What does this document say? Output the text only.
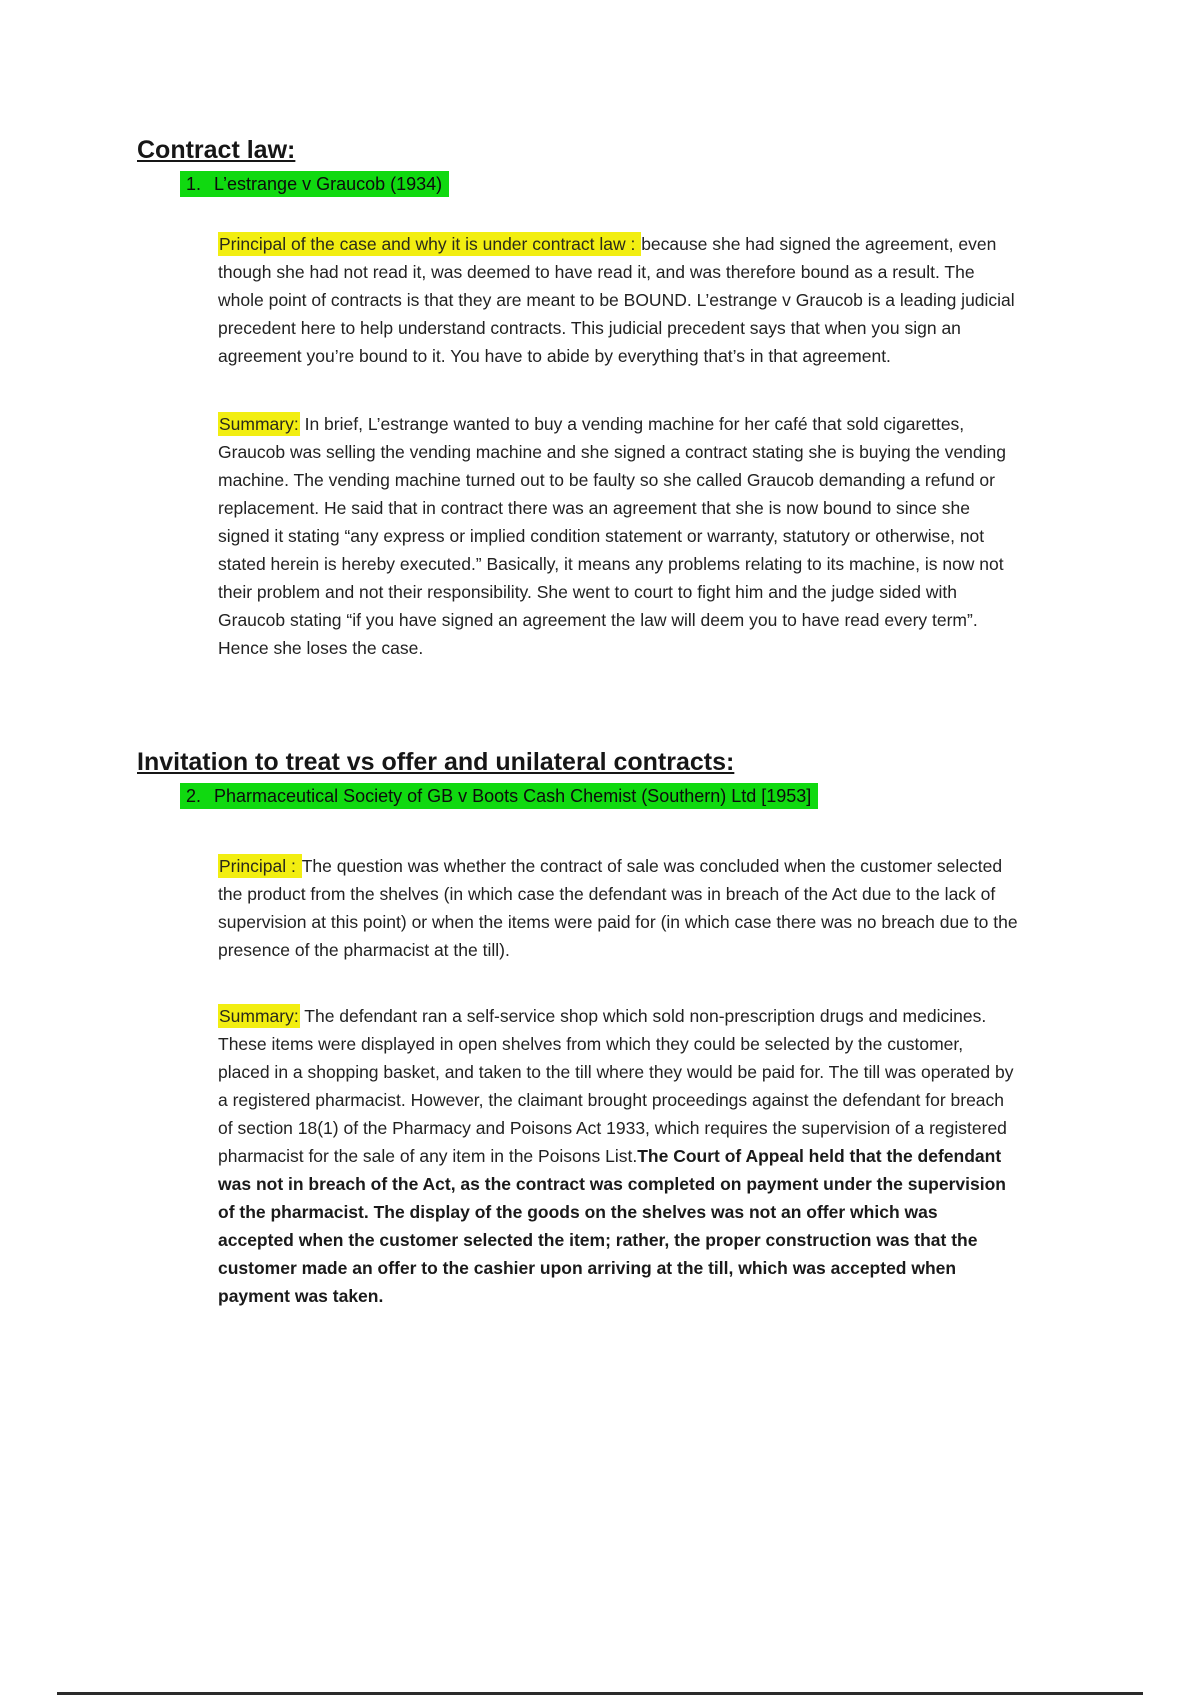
Contract law:
1. L’estrange v Graucob (1934)

Principal of the case and why it is under contract law : because she had signed the agreement, even though she had not read it, was deemed to have read it, and was therefore bound as a result. The whole point of contracts is that they are meant to be BOUND. L’estrange v Graucob is a leading judicial precedent here to help understand contracts. This judicial precedent says that when you sign an agreement you’re bound to it. You have to abide by everything that’s in that agreement.

Summary: In brief, L’estrange wanted to buy a vending machine for her café that sold cigarettes, Graucob was selling the vending machine and she signed a contract stating she is buying the vending machine. The vending machine turned out to be faulty so she called Graucob demanding a refund or replacement. He said that in contract there was an agreement that she is now bound to since she signed it stating “any express or implied condition statement or warranty, statutory or otherwise, not stated herein is hereby executed.” Basically, it means any problems relating to its machine, is now not their problem and not their responsibility. She went to court to fight him and the judge sided with Graucob stating “if you have signed an agreement the law will deem you to have read every term”. Hence she loses the case.

Invitation to treat vs offer and unilateral contracts:
2. Pharmaceutical Society of GB v Boots Cash Chemist (Southern) Ltd [1953]

Principal : The question was whether the contract of sale was concluded when the customer selected the product from the shelves (in which case the defendant was in breach of the Act due to the lack of supervision at this point) or when the items were paid for (in which case there was no breach due to the presence of the pharmacist at the till).

Summary: The defendant ran a self-service shop which sold non-prescription drugs and medicines. These items were displayed in open shelves from which they could be selected by the customer, placed in a shopping basket, and taken to the till where they would be paid for. The till was operated by a registered pharmacist. However, the claimant brought proceedings against the defendant for breach of section 18(1) of the Pharmacy and Poisons Act 1933, which requires the supervision of a registered pharmacist for the sale of any item in the Poisons List.The Court of Appeal held that the defendant was not in breach of the Act, as the contract was completed on payment under the supervision of the pharmacist. The display of the goods on the shelves was not an offer which was accepted when the customer selected the item; rather, the proper construction was that the customer made an offer to the cashier upon arriving at the till, which was accepted when payment was taken.
